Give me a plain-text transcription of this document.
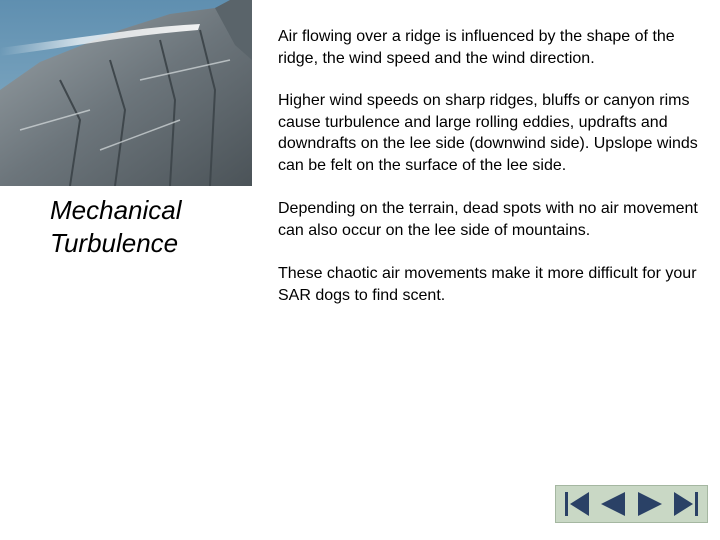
Mechanical
Turbulence

Air flowing over a ridge is influenced by the shape of the ridge, the wind speed and the wind direction.

Higher wind speeds on sharp ridges, bluffs or canyon rims cause turbulence and large rolling eddies, updrafts and downdrafts on the lee side (downwind side). Upslope winds can be felt on the surface of the lee side.

Depending on the terrain, dead spots with no air movement can also occur on the lee side of mountains.

These chaotic air movements make it more difficult for your SAR dogs to find scent.
